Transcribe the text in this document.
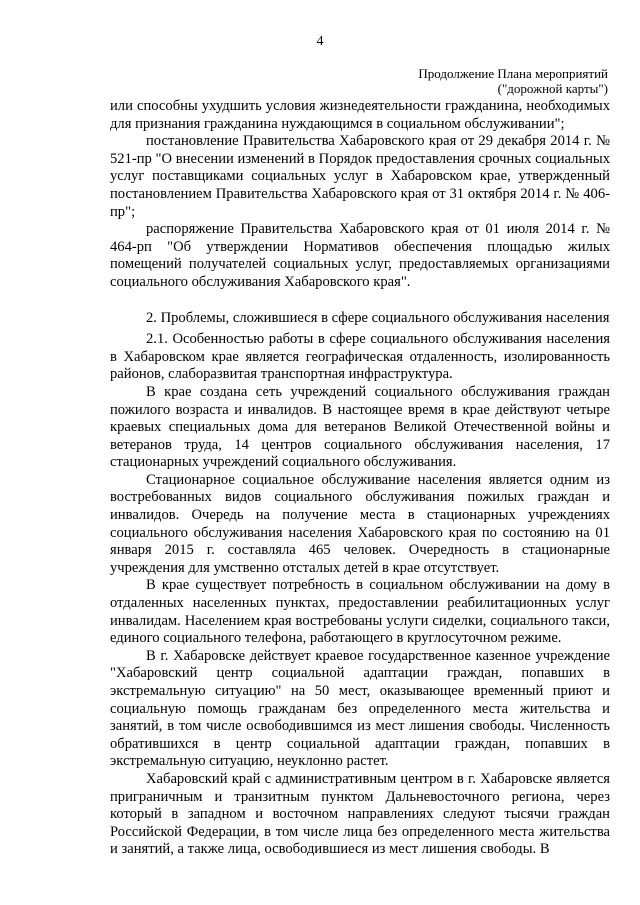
4
Продолжение Плана мероприятий
("дорожной карты")

или способны ухудшить условия жизнедеятельности гражданина, необходимых для признания гражданина нуждающимся в социальном обслуживании";

постановление Правительства Хабаровского края от 29 декабря 2014 г. № 521-пр "О внесении изменений в Порядок предоставления срочных социальных услуг поставщиками социальных услуг в Хабаровском крае, утвержденный постановлением Правительства Хабаровского края от 31 октября 2014 г. № 406-пр";

распоряжение Правительства Хабаровского края от 01 июля 2014 г. № 464-рп "Об утверждении Нормативов обеспечения площадью жилых помещений получателей социальных услуг, предоставляемых организациями социального обслуживания Хабаровского края".

2. Проблемы, сложившиеся в сфере социального обслуживания населения

2.1. Особенностью работы в сфере социального обслуживания населения в Хабаровском крае является географическая отдаленность, изолированность районов, слаборазвитая транспортная инфраструктура.

В крае создана сеть учреждений социального обслуживания граждан пожилого возраста и инвалидов. В настоящее время в крае действуют четыре краевых специальных дома для ветеранов Великой Отечественной войны и ветеранов труда, 14 центров социального обслуживания населения, 17 стационарных учреждений социального обслуживания.

Стационарное социальное обслуживание населения является одним из востребованных видов социального обслуживания пожилых граждан и инвалидов. Очередь на получение места в стационарных учреждениях социального обслуживания населения Хабаровского края по состоянию на 01 января 2015 г. составляла 465 человек. Очередность в стационарные учреждения для умственно отсталых детей в крае отсутствует.

В крае существует потребность в социальном обслуживании на дому в отдаленных населенных пунктах, предоставлении реабилитационных услуг инвалидам. Населением края востребованы услуги сиделки, социального такси, единого социального телефона, работающего в круглосуточном режиме.

В г. Хабаровске действует краевое государственное казенное учреждение "Хабаровский центр социальной адаптации граждан, попавших в экстремальную ситуацию" на 50 мест, оказывающее временный приют и социальную помощь гражданам без определенного места жительства и занятий, в том числе освободившимся из мест лишения свободы. Численность обратившихся в центр социальной адаптации граждан, попавших в экстремальную ситуацию, неуклонно растет.

Хабаровский край с административным центром в г. Хабаровске является приграничным и транзитным пунктом Дальневосточного региона, через который в западном и восточном направлениях следуют тысячи граждан Российской Федерации, в том числе лица без определенного места жительства и занятий, а также лица, освободившиеся из мест лишения свободы. В
